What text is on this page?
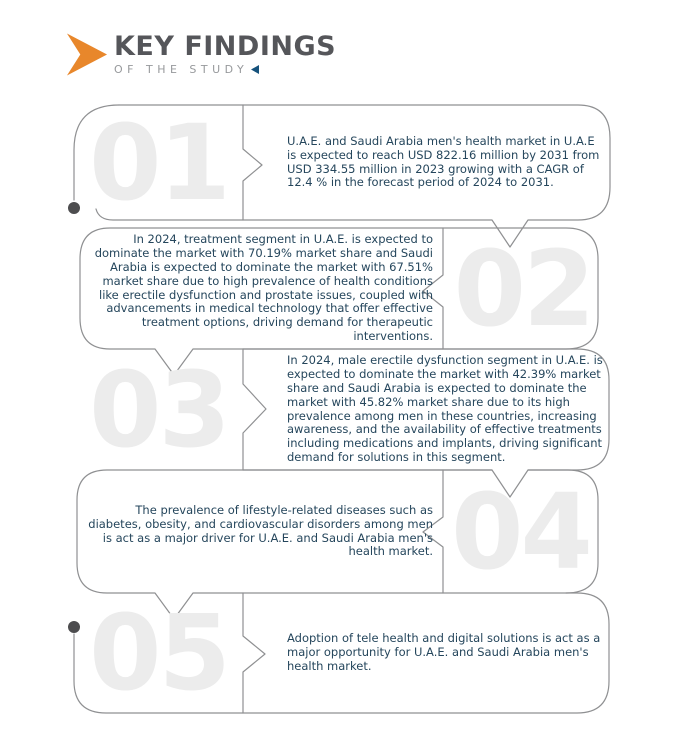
KEY FINDINGS
OF THE STUDY
01
02
03
04
05

U.A.E. and Saudi Arabia men's health market in U.A.E is expected to reach USD 822.16 million by 2031 from USD 334.55 million in 2023 growing with a CAGR of 12.4 % in the forecast period of 2024 to 2031.

In 2024, treatment segment in U.A.E. is expected to dominate the market with 70.19% market share and Saudi Arabia is expected to dominate the market with 67.51% market share due to high prevalence of health conditions like erectile dysfunction and prostate issues, coupled with advancements in medical technology that offer effective treatment options, driving demand for therapeutic interventions.

In 2024, male erectile dysfunction segment in U.A.E. is expected to dominate the market with 42.39% market share and Saudi Arabia is expected to dominate the market with 45.82% market share due to its high prevalence among men in these countries, increasing awareness, and the availability of effective treatments including medications and implants, driving significant demand for solutions in this segment.

The prevalence of lifestyle-related diseases such as diabetes, obesity, and cardiovascular disorders among men is act as a major driver for U.A.E. and Saudi Arabia men's health market.

Adoption of tele health and digital solutions is act as a major opportunity for U.A.E. and Saudi Arabia men's health market.
